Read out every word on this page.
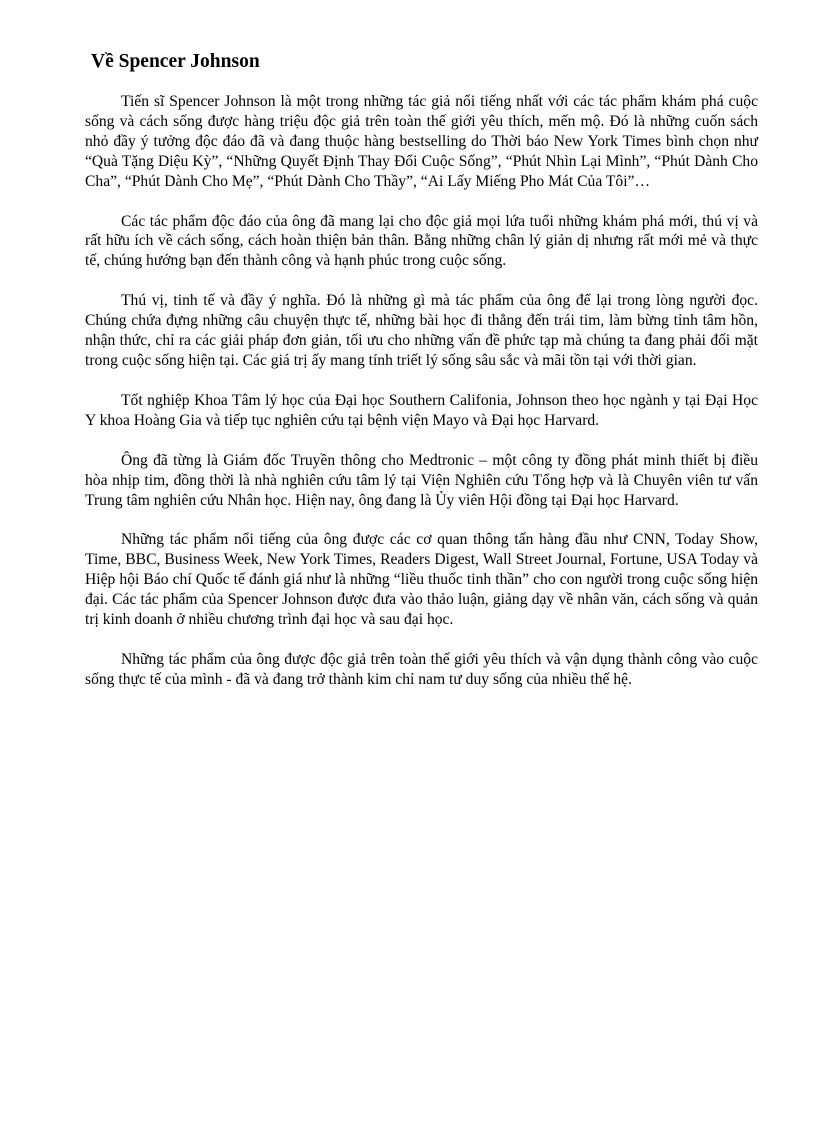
Về Spencer Johnson

Tiến sĩ Spencer Johnson là một trong những tác giả nổi tiếng nhất với các tác phẩm khám phá cuộc sống và cách sống được hàng triệu độc giả trên toàn thế giới yêu thích, mến mộ. Đó là những cuốn sách nhỏ đầy ý tưởng độc đáo đã và đang thuộc hàng bestselling do Thời báo New York Times bình chọn như “Quà Tặng Diệu Kỳ”, “Những Quyết Định Thay Đổi Cuộc Sống”, “Phút Nhìn Lại Mình”, “Phút Dành Cho Cha”, “Phút Dành Cho Mẹ”, “Phút Dành Cho Thầy”, “Ai Lấy Miếng Pho Mát Của Tôi”…

Các tác phẩm độc đáo của ông đã mang lại cho độc giả mọi lứa tuổi những khám phá mới, thú vị và rất hữu ích về cách sống, cách hoàn thiện bản thân. Bằng những chân lý giản dị nhưng rất mới mẻ và thực tế, chúng hướng bạn đến thành công và hạnh phúc trong cuộc sống.

Thú vị, tinh tế và đầy ý nghĩa. Đó là những gì mà tác phẩm của ông để lại trong lòng người đọc. Chúng chứa đựng những câu chuyện thực tế, những bài học đi thẳng đến trái tim, làm bừng tỉnh tâm hồn, nhận thức, chỉ ra các giải pháp đơn giản, tối ưu cho những vấn đề phức tạp mà chúng ta đang phải đối mặt trong cuộc sống hiện tại. Các giá trị ấy mang tính triết lý sống sâu sắc và mãi tồn tại với thời gian.

Tốt nghiệp Khoa Tâm lý học của Đại học Southern Califonia, Johnson theo học ngành y tại Đại Học Y khoa Hoàng Gia và tiếp tục nghiên cứu tại bệnh viện Mayo và Đại học Harvard.

Ông đã từng là Giám đốc Truyền thông cho Medtronic – một công ty đồng phát minh thiết bị điều hòa nhịp tim, đồng thời là nhà nghiên cứu tâm lý tại Viện Nghiên cứu Tổng hợp và là Chuyên viên tư vấn Trung tâm nghiên cứu Nhân học. Hiện nay, ông đang là Ủy viên Hội đồng tại Đại học Harvard.

Những tác phẩm nổi tiếng của ông được các cơ quan thông tấn hàng đầu như CNN, Today Show, Time, BBC, Business Week, New York Times, Readers Digest, Wall Street Journal, Fortune, USA Today và Hiệp hội Báo chí Quốc tế đánh giá như là những “liều thuốc tinh thần” cho con người trong cuộc sống hiện đại. Các tác phẩm của Spencer Johnson được đưa vào thảo luận, giảng dạy về nhân văn, cách sống và quản trị kinh doanh ở nhiều chương trình đại học và sau đại học.

Những tác phẩm của ông được độc giả trên toàn thế giới yêu thích và vận dụng thành công vào cuộc sống thực tế của mình - đã và đang trở thành kim chỉ nam tư duy sống của nhiều thế hệ.
